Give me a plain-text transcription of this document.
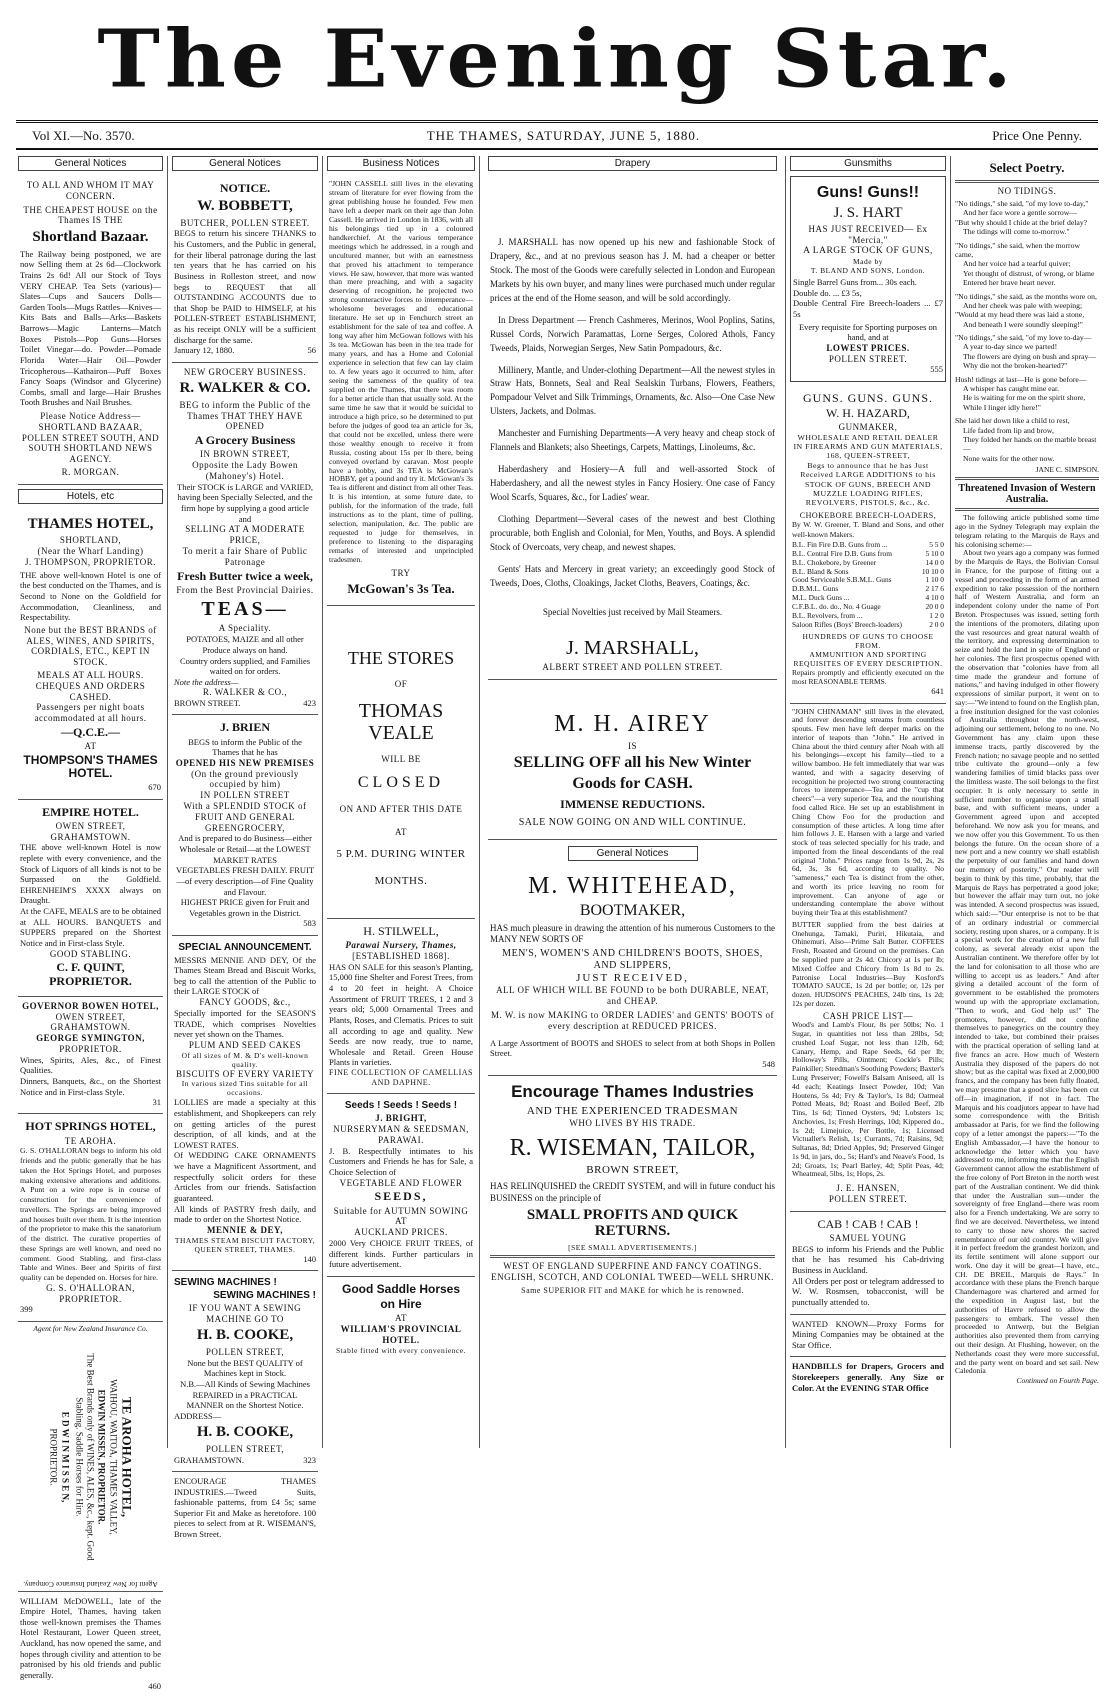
The Evening Star.
Vol XI.—No. 3570.	THE THAMES, SATURDAY, JUNE 5, 1880.	Price One Penny.
General Notices
TO ALL AND WHOM IT MAY CONCERN.
THE CHEAPEST HOUSE on the Thames IS THE
Shortland Bazaar.
The Railway being postponed, we are now Selling them at 2s 6d—Clockwork Trains 2s 6d! All our Stock of Toys VERY CHEAP. Tea Sets (various)—Slates—Cups and Saucers Dolls—Garden Tools—Mugs Rattles—Knives—Kits Bats and Balls—Arks—Baskets Barrows—Magic Lanterns—Match Boxes Pistols—Pop Guns—Horses Toilet Vinegar—do. Powder—Pomade Florida Water—Hair Oil—Powder Tricopherous—Kathairon—Puff Boxes Fancy Soaps (Windsor and Glycerine) Combs, small and large—Hair Brushes Tooth Brushes and Nail Brushes.
Please Notice Address— SHORTLAND BAZAAR, POLLEN STREET SOUTH, AND SOUTH SHORTLAND NEWS AGENCY.
R. MORGAN.
Hotels, etc
THAMES HOTEL,
SHORTLAND,
(Near the Wharf Landing)
J. THOMPSON, PROPRIETOR.
THE above well-known Hotel is one of the best conducted on the Thames, and is Second to None on the Goldfield for Accommodation, Cleanliness, and Respectability.
None but the BEST BRANDS of ALES, WINES, AND SPIRITS, CORDIALS, ETC., KEPT IN STOCK.
MEALS AT ALL HOURS.
CHEQUES AND ORDERS CASHED.
Passengers per night boats accommodated at all hours.
—Q.C.E.—
AT
THOMPSON'S THAMES HOTEL.
670
EMPIRE HOTEL.
OWEN STREET, GRAHAMSTOWN.
THE above well-known Hotel is now replete with every convenience, and the Stock of Liquors of all kinds is not to be Surpassed on the Goldfield. EHRENHEIM'S XXXX always on Draught.
At the CAFE, MEALS are to be obtained at ALL HOURS. BANQUETS and SUPPERS prepared on the Shortest Notice and in First-class Style.
GOOD STABLING.
C. F. QUINT, PROPRIETOR.
GOVERNOR BOWEN HOTEL,
OWEN STREET, GRAHAMSTOWN.
GEORGE SYMINGTON,
PROPRIETOR.
Wines, Spirits, Ales, &c., of Finest Qualities.
Dinners, Banquets, &c., on the Shortest Notice and in First-class Style.
31
HOT SPRINGS HOTEL,
TE AROHA.
G. S. O'HALLORAN begs to inform his old friends and the public generally that he has taken the Hot Springs Hotel, and purposes making extensive alterations and additions. A Punt on a wire rope is in course of construction for the convenience of travellers. The Springs are being improved and houses built over them. It is the intention of the proprietor to make this the sanatorium of the district. The curative properties of these Springs are well known, and need no comment. Good Stabling, and first-class Table and Wines. Beer and Spirits of first quality can be depended on. Horses for hire.
G. S. O'HALLORAN,
PROPRIETOR.
399
Agent for New Zealand Insurance Co.
TE AROHA HOTEL,
WAIHOU, WAITOA, THAMES VALLEY,
EDWIN MISSEN, PROPRIETOR.
The Best Brands only of WINES, ALES, &c., kept. Good Stabling. Saddle Horses for Hire.
E D W I N M I S S E N,
PROPRIETOR.
Agent for New Zealand Insurance Company.
WILLIAM McDOWELL, late of the Empire Hotel, Thames, having taken those well-known premises the Thames Hotel Restaurant, Lower Queen street, Auckland, has now opened the same, and hopes through civility and attention to be patronised by his old friends and public generally.
460
General Notices
NOTICE.
W. BOBBETT,
BUTCHER, POLLEN STREET.
BEGS to return his sincere THANKS to his Customers, and the Public in general, for their liberal patronage during the last ten years that he has carried on his Business in Rolleston street, and now begs to REQUEST that all OUTSTANDING ACCOUNTS due to that Shop be PAID to HIMSELF, at his POLLEN-STREET ESTABLISHMENT, as his receipt ONLY will be a sufficient discharge for the same.
January 12, 1880.	56
NEW GROCERY BUSINESS.
R. WALKER & CO.
BEG to inform the Public of the Thames THAT THEY HAVE OPENED
A Grocery Business
IN BROWN STREET,
Opposite the Lady Bowen (Mahoney's) Hotel.
Their STOCK is LARGE and VARIED, having been Specially Selected, and the firm hope by supplying a good article and
SELLING AT A MODERATE PRICE,
To merit a fair Share of Public Patronage
Fresh Butter twice a week,
From the Best Provincial Dairies.
TEAS—
A Speciality.
POTATOES, MAIZE and all other Produce always on hand.
Country orders supplied, and Families waited on for orders.
Note the address—
R. WALKER & CO.,
BROWN STREET.	423
J. BRIEN
BEGS to inform the Public of the Thames that he has
OPENED HIS NEW PREMISES
(On the ground previously occupied by him)
IN POLLEN STREET
With a SPLENDID STOCK of FRUIT AND GENERAL GREENGROCERY,
And is prepared to do Business—either Wholesale or Retail—at the LOWEST MARKET RATES
VEGETABLES FRESH DAILY. FRUIT—of every description—of Fine Quality and Flavour.
HIGHEST PRICE given for Fruit and Vegetables grown in the District.
583
SPECIAL ANNOUNCEMENT.
MESSRS MENNIE AND DEY, Of the Thames Steam Bread and Biscuit Works, beg to call the attention of the Public to their LARGE STOCK of
FANCY GOODS, &c.,
Specially imported for the SEASON'S TRADE, which comprises Novelties never yet shown on the Thames.
PLUM AND SEED CAKES
Of all sizes of M. & D's well-known quality.
BISCUITS OF EVERY VARIETY
In various sized Tins suitable for all occasions.
LOLLIES are made a specialty at this establishment, and Shopkeepers can rely on getting articles of the purest description, of all kinds, and at the LOWEST RATES.
Of WEDDING CAKE ORNAMENTS we have a Magnificent Assortment, and respectfully solicit orders for these Articles from our friends. Satisfaction guaranteed.
All kinds of PASTRY fresh daily, and made to order on the Shortest Notice.
MENNIE & DEY,
THAMES STEAM BISCUIT FACTORY, QUEEN STREET, THAMES.
140
SEWING MACHINES !
SEWING MACHINES !
IF YOU WANT A SEWING MACHINE GO TO
H. B. COOKE,
POLLEN STREET,
None but the BEST QUALITY of Machines kept in Stock.
N.B.—All Kinds of Sewing Machines REPAIRED in a PRACTICAL MANNER on the Shortest Notice.
ADDRESS—
H. B. COOKE,
POLLEN STREET,
GRAHAMSTOWN.	323
ENCOURAGE THAMES INDUSTRIES.—Tweed Suits, fashionable patterns, from £4 5s; same Superior Fit and Make as heretofore. 100 pieces to select from at R. WISEMAN'S, Brown Street.
Business Notices
"JOHN CASSELL still lives in the elevating stream of literature for ever flowing from the great publishing house he founded. Few men have left a deeper mark on their age than John Cassell. He arrived in London in 1836, with all his belongings tied up in a coloured handkerchief. At the various temperance meetings which he addressed, in a rough and uncultured manner, but with an earnestness that proved his attachment to temperance views. He saw, however, that more was wanted than mere preaching, and with a sagacity deserving of recognition, he projected two strong counteractive forces to intemperance—wholesome beverages and educational literature. He set up in Fenchurch street an establishment for the sale of tea and coffee. A long way after him McGowan follows with his 3s tea. McGowan has been in the tea trade for many years, and has a Home and Colonial experience in selection that few can lay claim to. A few years ago it occurred to him, after seeing the sameness of the quality of tea supplied on the Thames, that there was room for a better article than that usually sold. At the same time he saw that it would be suicidal to introduce a high price, so he determined to put before the judges of good tea an article for 3s, that could not be excelled, unless there were those wealthy enough to receive it from Russia, costing about 15s per lb there, being conveyed overland by caravan. Most people have a hobby, and 3s TEA is McGowan's HOBBY, get a pound and try it. McGowan's 3s Tea is different and distinct from all other Teas. It is his intention, at some future date, to publish, for the information of the trade, full instructions as to the plant, time of pulling, selection, manipulation, &c. The public are requested to judge for themselves, in preference to listening to the disparaging remarks of interested and unprincipled tradesmen.
TRY
McGowan's 3s Tea.
THE STORES
OF
THOMAS VEALE
WILL BE
CLOSED
ON AND AFTER THIS DATE
AT
5 P.M. DURING WINTER
MONTHS.
H. STILWELL,
Parawai Nursery, Thames,
[ESTABLISHED 1868].
HAS ON SALE for this season's Planting, 15,000 fine Shelter and Forest Trees, from 4 to 20 feet in height. A Choice Assortment of FRUIT TREES, 1 2 and 3 years old; 5,000 Ornamental Trees and Plants, Roses, and Clematis. Prices to suit all according to age and quality. New Seeds are now ready, true to name, Wholesale and Retail. Green House Plants in varieties.
FINE COLLECTION OF CAMELLIAS AND DAPHNE.
Seeds ! Seeds ! Seeds !
J. BRIGHT,
NURSERYMAN & SEEDSMAN,
PARAWAI.
J. B. Respectfully intimates to his Customers and Friends he has for Sale, a Choice Selection of
VEGETABLE AND FLOWER
SEEDS,
Suitable for AUTUMN SOWING
AT
AUCKLAND PRICES.
2000 Very CHOICE FRUIT TREES, of different kinds. Further particulars in future advertisement.
Good Saddle Horses
on Hire
AT
WILLIAM'S PROVINCIAL HOTEL.
Stable fitted with every convenience.
Drapery
J. MARSHALL has now opened up his new and fashionable Stock of Drapery, &c., and at no previous season has J. M. had a cheaper or better Stock. The most of the Goods were carefully selected in London and European Markets by his own buyer, and many lines were purchased much under regular prices at the end of the Home season, and will be sold accordingly.
In Dress Department — French Cashmeres, Merinos, Wool Poplins, Satins, Russel Cords, Norwich Paramattas, Lorne Serges, Colored Athols, Fancy Tweeds, Plaids, Norwegian Serges, New Satin Pompadours, &c.
Millinery, Mantle, and Under-clothing Department—All the newest styles in Straw Hats, Bonnets, Seal and Real Sealskin Turbans, Flowers, Feathers, Pompadour Velvet and Silk Trimmings, Ornaments, &c. Also—One Case New Ulsters, Jackets, and Dolmas.
Manchester and Furnishing Departments—A very heavy and cheap stock of Flannels and Blankets; also Sheetings, Carpets, Mattings, Linoleums, &c.
Haberdashery and Hosiery—A full and well-assorted Stock of Haberdashery, and all the newest styles in Fancy Hosiery. One case of Fancy Wool Scarfs, Squares, &c., for Ladies' wear.
Clothing Department—Several cases of the newest and best Clothing procurable, both English and Colonial, for Men, Youths, and Boys. A splendid Stock of Overcoats, very cheap, and newest shapes.
Gents' Hats and Mercery in great variety; an exceedingly good Stock of Tweeds, Does, Cloths, Cloakings, Jacket Cloths, Beavers, Coatings, &c.
Special Novelties just received by Mail Steamers.
J. MARSHALL,
ALBERT STREET AND POLLEN STREET.
M. H. AIREY
IS
SELLING OFF all his New Winter
Goods for CASH.
IMMENSE REDUCTIONS.
SALE NOW GOING ON AND WILL CONTINUE.
General Notices
M. WHITEHEAD,
BOOTMAKER,
HAS much pleasure in drawing the attention of his numerous Customers to the MANY NEW SORTS OF
MEN'S, WOMEN'S AND CHILDREN'S BOOTS, SHOES, AND SLIPPERS,
JUST RECEIVED,
ALL OF WHICH WILL BE FOUND to be both DURABLE, NEAT, and CHEAP.
M. W. is now MAKING to ORDER LADIES' and GENTS' BOOTS of every description at REDUCED PRICES.
A Large Assortment of BOOTS and SHOES to select from at both Shops in Pollen Street.
548
Encourage Thames Industries
AND THE EXPERIENCED TRADESMAN
WHO LIVES BY HIS TRADE.
R. WISEMAN, TAILOR,
BROWN STREET,
HAS RELINQUISHED the CREDIT SYSTEM, and will in future conduct his BUSINESS on the principle of
SMALL PROFITS AND QUICK RETURNS.
[SEE SMALL ADVERTISEMENTS.]
WEST OF ENGLAND SUPERFINE AND FANCY COATINGS. ENGLISH, SCOTCH, AND COLONIAL TWEED—WELL SHRUNK.
Same SUPERIOR FIT and MAKE for which he is renowned.
Gunsmiths
Guns! Guns!!
J. S. HART
HAS JUST RECEIVED— Ex "Mercia,"
A LARGE STOCK OF GUNS,
Made by
T. BLAND AND SONS, London.
Single Barrel Guns from... 30s each.
Double do. ... £3 5s,
Double Central Fire Breech-loaders ... £7 5s
Every requisite for Sporting purposes on hand, and at
LOWEST PRICES.
POLLEN STREET.
555
GUNS. GUNS. GUNS.
W. H. HAZARD,
GUNMAKER,
WHOLESALE AND RETAIL DEALER IN FIREARMS AND GUN MATERIALS,
168, QUEEN-STREET,
Begs to announce that he has Just Received LARGE ADDITIONS to his STOCK OF GUNS, BREECH AND MUZZLE LOADING RIFLES, REVOLVERS, PISTOLS, &c., &c.
CHOKEBORE BREECH-LOADERS,
By W. W. Greener, T. Bland and Sons, and other well-known Makers.
B.L. Fin Fire D.B. Guns from ...	5 5 0
B.L. Central Fire D.B. Guns from	5 10 0
B.L. Chokebore, by Greener	14 0 0
B.L. Bland & Sons	10 10 0
Good Serviceable S.B.M.L. Guns	1 10 0
D.B.M.L. Guns	2 17 6
M.L. Duck Guns ...	4 10 0
C.F.B.L. do. do., No. 4 Guage	20 0 0
B.L. Revolvers, from ...	1 2 0
Saloon Rifles (Boys' Breech-loaders)	2 0 0
HUNDREDS OF GUNS TO CHOOSE FROM.
AMMUNITION AND SPORTING REQUISITES OF EVERY DESCRIPTION.
Repairs promptly and efficiently executed on the most REASONABLE TERMS.
641
"JOHN CHINAMAN" still lives in the elevated, and forever descending streams from countless spouts. Few men have left deeper marks on the interior of teapots than "John." He arrived in China about the third century after Noah with all his belongings—except his family—tied to a willow bamboo. He felt immediately that war was wanted, and with a sagacity deserving of recognition he projected two strong counteracting forces to intemperance—Tea and the "cup that cheers"—a very superior Tea, and the nourishing food called Rice. He set up an establishment in Ching Chow Foo for the production and consumption of these articles. A long time after him follows J. E. Hansen with a large and varied stock of teas selected specially for his trade, and imported from the lineal descendants of the real original "John." Prices range from 1s 9d, 2s, 2s 6d, 3s, 3s 6d, according to quality. No "sameness," each Tea is distinct from the other, and worth its price leaving no room for improvement. Can anyone of age or understanding contemplate the above without buying their Tea at this establishment?
BUTTER supplied from the best dairies at Onehunga, Tamaki, Puriri, Hikutaia, and Ohinemuri. Also—Prime Salt Butter. COFFEES Fresh, Roasted and Ground on the premises. Can be supplied pure at 2s 4d. Chicory at 1s per lb; Mixed Coffee and Chicory from 1s 8d to 2s. Patronise Local Industries—Buy Kosford's TOMATO SAUCE, 1s 2d per bottle; or, 12s per dozen. HUDSON'S PEACHES, 24lb tins, 1s 2d; 12s per dozen.
CASH PRICE LIST—
Wood's and Lamb's Flour, 8s per 50lbs; No. 1 Sugar, in quantities not less than 28lbs, 5d; crushed Loaf Sugar, not less than 12lb, 6d; Canary, Hemp, and Rape Seeds, 6d per lb; Holloway's Pills, Ointment; Cockle's Pills; Painkiller; Steedman's Soothing Powders; Baxter's Lung Preserver; Fowell's Balsam Aniseed, all 1s 4d each; Keatings Insect Powder, 10d; Van Houtens, 5s 4d; Fry & Taylor's, 1s 8d; Oatmeal Potted Meats, 8d; Roast and Boiled Beef, 2lb Tins, 1s 6d; Tinned Oysters, 9d; Lobsters 1s; Anchovies, 1s; Fresh Herrings, 10d; Kippered do., 1s 2d; Limejuice, Per Bottle, 1s; Licensed Victualler's Relish, 1s; Currants, 7d; Raisins, 9d; Sultanas, 8d; Dried Apples, 9d; Preserved Ginger 1s 9d, in jars, do., 5s; Hard's and Neave's Food, 1s 2d; Groats, 1s; Pearl Barley, 4d; Split Peas, 4d; Wheatmeal, 5lbs, 1s; Hops, 2s.
J. E. HANSEN,
POLLEN STREET.
CAB ! CAB ! CAB !
SAMUEL YOUNG
BEGS to inform his Friends and the Public that he has resumed his Cab-driving Business in Auckland.
All Orders per post or telegram addressed to W. W. Rosmsen, tobacconist, will be punctually attended to.
WANTED KNOWN—Proxy Forms for Mining Companies may be obtained at the Star Office.
HANDBILLS for Drapers, Grocers and Storekeepers generally. Any Size or Color. At the EVENING STAR Office
Select Poetry.
NO TIDINGS.
"No tidings," she said, "of my love to-day,"
And her face wore a gentle sorrow—
"But why should I chide at the brief delay?
The tidings will come to-morrow."
"No tidings," she said, when the morrow came,
And her voice had a tearful quiver;
Yet thought of distrust, of wrong, or blame
Entered her brave heart never.
"No tidings," she said, as the months wore on,
And her cheek was pale with weeping;
"Would at my head there was laid a stone,
And beneath I were soundly sleeping!"
"No tidings," she said, "of my love to-day—
A year to-day since we parted!
The flowers are dying on bush and spray—
Why die not the broken-hearted?"
Hush! tidings at last—He is gone before—
A whisper has caught mine ear.
He is waiting for me on the spirit shore,
While I linger idly here!"
She laid her down like a child to rest,
Life faded from lip and brow,
They folded her hands on the marble breast—
None waits for the other now.
JANE C. SIMPSON.
Threatened Invasion of Western Australia.
The following article published some time ago in the Sydney Telegraph may explain the telegram relating to the Marquis de Rays and his colonising scheme:—
About two years ago a company was formed by the Marquis de Rays, the Bolivian Consul in France, for the purpose of fitting out a vessel and proceeding in the form of an armed expedition to take possession of the northern half of Western Australia, and form an independent colony under the name of Port Breton. Prospectuses was issued, setting forth the intentions of the promoters, dilating upon the vast resources and great natural wealth of the territory, and expressing determination to seize and hold the land in spite of England or her colonies. The first prospectus opened with the observation that "colonies have from all time made the grandeur and fortune of nations," and having indulged in other flowery expressions of similar purport, it went on to say:—"We intend to found on the English plan, a free institution designed for the vast colonies of Australia throughout the north-west, adjoining our settlement, belong to no one. No Government has any claim upon these immense tracts, partly discovered by the French nation; no savage people and no settled tribe cultivate the ground—only a few wandering families of timid blacks pass over the limitless waste. The soil belongs to the first occupier. It is only necessary to settle in sufficient number to organise upon a small base, and with sufficient means, under a Government agreed upon and accepted beforehand. We now ask you for means, and we now offer you this Government. To us then belongs the future. On the ocean shore of a new port and a new country we shall establish the perpetuity of our families and hand down our memory of posterity." Our reader will begin to think by this time, probably, that the Marquis de Rays has perpetrated a good joke; but however the affair may turn out, no joke was intended. A second prospectus was issued, which said:—"Our enterprise is not to be that of an ordinary industrial or commercial society, resting upon shares, or a company. It is a special work for the creation of a new full colony, as several already exist upon the Australian continent. We therefore offer by lot the land for colonisation to all those who are willing to accept us as leaders." And after giving a detailed account of the form of government to be established the promoters wound up with the appropriate exclamation, "Then to work, and God help us!" The promoters, however, did not confine themselves to panegyrics on the country they intended to take, but combined their praises with the practical operation of selling land at five francs an acre. How much of Western Australia they disposed of the papers do not show; but as the capital was fixed at 2,000,000 francs, and the company has been fully floated, we may presume that a good slice has been cut off—in imagination, if not in fact. The Marquis and his coadjutors appear to have had some correspondence with the British ambassador at Paris, for we find the following copy of a letter amongst the papers:—"To the English Ambassador,—I have the honour to acknowledge the letter which you have addressed to me, informing me that the English Government cannot allow the establishment of the free colony of Port Breton in the north west part of the Australian continent. We did think that under the Australian sun—under the sovereignty of free England—there was room also for a French undertaking. We are sorry to find we are deceived. Nevertheless, we intend to carry to those new shores the sacred remembrance of our old country. We will give it in perfect freedom the grandest horizon, and its fertile sentiment will alone support our work. One day it will be great—I have, etc., CH. DE BREIL, Marquis de Rays." In accordance with these plans the French barque Chandernagore was chartered and armed for the expedition in August last, but the authorities of Havre refused to allow the passengers to embark. The vessel then proceeded to Antwerp, but the Belgian authorities also prevented them from carrying out their design. At Flushing, however, on the Netherlands coast they were more successful, and the party went on board and set sail. New Caledonia
Continued on Fourth Page.
